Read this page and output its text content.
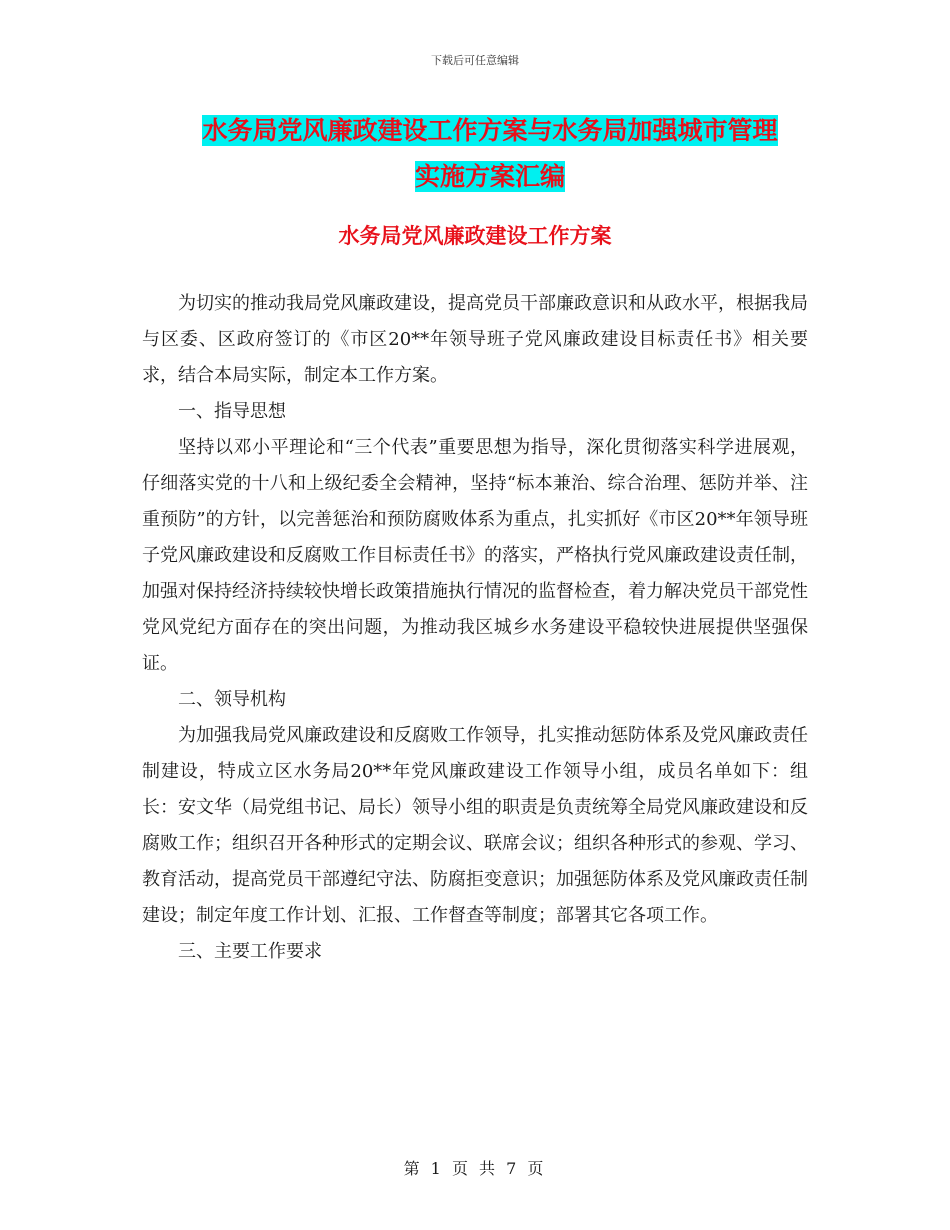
下载后可任意编辑
水务局党风廉政建设工作方案与水务局加强城市管理
实施方案汇编
水务局党风廉政建设工作方案

为切实的推动我局党风廉政建设，提高党员干部廉政意识和从政水平，根据我局与区委、区政府签订的《市区20**年领导班子党风廉政建设目标责任书》相关要求，结合本局实际，制定本工作方案。

一、指导思想

坚持以邓小平理论和“三个代表”重要思想为指导，深化贯彻落实科学进展观，仔细落实党的十八和上级纪委全会精神，坚持“标本兼治、综合治理、惩防并举、注重预防”的方针，以完善惩治和预防腐败体系为重点，扎实抓好《市区20**年领导班子党风廉政建设和反腐败工作目标责任书》的落实，严格执行党风廉政建设责任制，加强对保持经济持续较快增长政策措施执行情况的监督检查，着力解决党员干部党性党风党纪方面存在的突出问题，为推动我区城乡水务建设平稳较快进展提供坚强保证。

二、领导机构

为加强我局党风廉政建设和反腐败工作领导，扎实推动惩防体系及党风廉政责任制建设，特成立区水务局20**年党风廉政建设工作领导小组，成员名单如下：组长：安文华（局党组书记、局长）领导小组的职责是负责统筹全局党风廉政建设和反腐败工作；组织召开各种形式的定期会议、联席会议；组织各种形式的参观、学习、教育活动，提高党员干部遵纪守法、防腐拒变意识；加强惩防体系及党风廉政责任制建设；制定年度工作计划、汇报、工作督查等制度；部署其它各项工作。

三、主要工作要求

第 1 页 共 7 页
